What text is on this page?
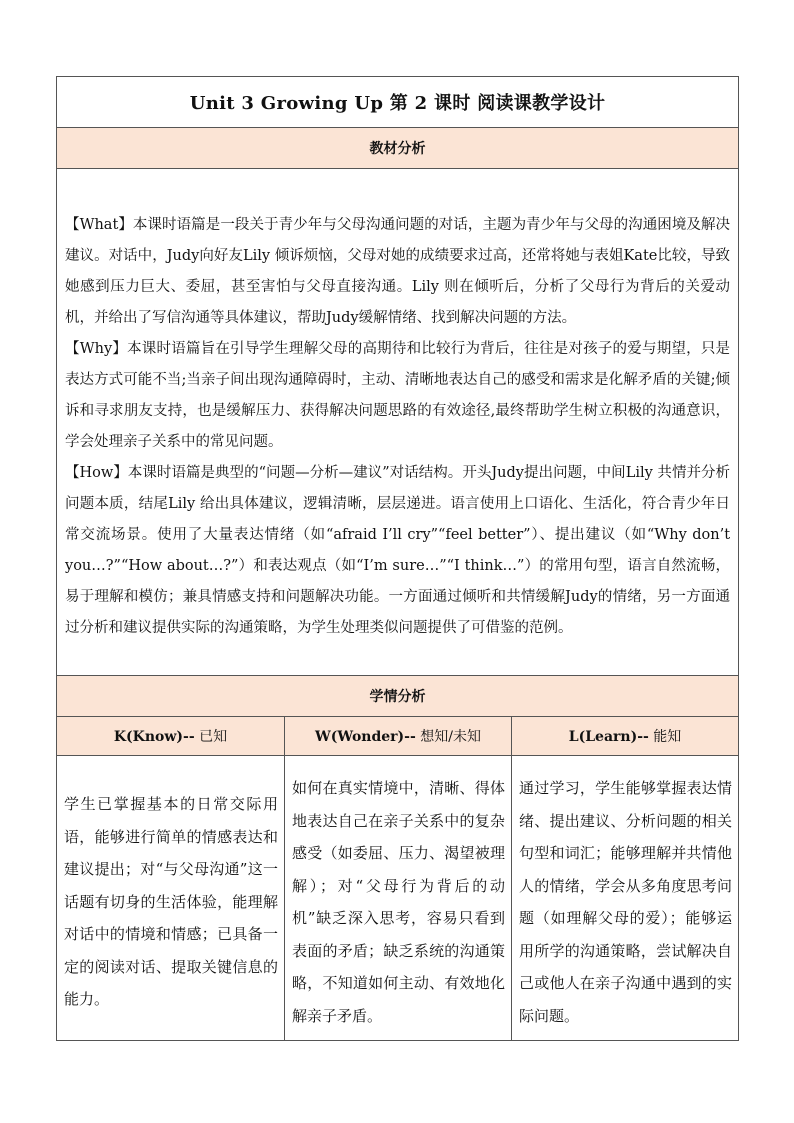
Unit 3 Growing Up 第 2 课时 阅读课教学设计		
教材分析		

【What】本课时语篇是一段关于青少年与父母沟通问题的对话，主题为青少年与父母的沟通困境及解决建议。对话中，Judy向好友Lily 倾诉烦恼，父母对她的成绩要求过高，还常将她与表姐Kate比较，导致她感到压力巨大、委屈，甚至害怕与父母直接沟通。Lily 则在倾听后，分析了父母行为背后的关爱动机，并给出了写信沟通等具体建议，帮助Judy缓解情绪、找到解决问题的方法。

【Why】本课时语篇旨在引导学生理解父母的高期待和比较行为背后，往往是对孩子的爱与期望，只是表达方式可能不当;当亲子间出现沟通障碍时，主动、清晰地表达自己的感受和需求是化解矛盾的关键;倾诉和寻求朋友支持，也是缓解压力、获得解决问题思路的有效途径,最终帮助学生树立积极的沟通意识，学会处理亲子关系中的常见问题。

【How】本课时语篇是典型的“问题—分析—建议”对话结构。开头Judy提出问题，中间Lily 共情并分析问题本质，结尾Lily 给出具体建议，逻辑清晰，层层递进。语言使用上口语化、生活化，符合青少年日常交流场景。使用了大量表达情绪（如“afraid I’ll cry”“feel better”）、提出建议（如“Why don’t you…?”“How about…?”）和表达观点（如“I’m sure…”“I think…”）的常用句型，语言自然流畅，易于理解和模仿；兼具情感支持和问题解决功能。一方面通过倾听和共情缓解Judy的情绪，另一方面通过分析和建议提供实际的沟通策略，为学生处理类似问题提供了可借鉴的范例。		

学情分析		
K(Know)-- 已知	W(Wonder)-- 想知/未知	L(Learn)-- 能知

学生已掌握基本的日常交际用语，能够进行简单的情感表达和建议提出；对“与父母沟通”这一话题有切身的生活体验，能理解对话中的情境和情感；已具备一定的阅读对话、提取关键信息的能力。	如何在真实情境中，清晰、得体地表达自己在亲子关系中的复杂感受（如委屈、压力、渴望被理解）；对“父母行为背后的动机”缺乏深入思考，容易只看到表面的矛盾；缺乏系统的沟通策略，不知道如何主动、有效地化解亲子矛盾。	通过学习，学生能够掌握表达情绪、提出建议、分析问题的相关句型和词汇；能够理解并共情他人的情绪，学会从多角度思考问题（如理解父母的爱）；能够运用所学的沟通策略，尝试解决自己或他人在亲子沟通中遇到的实际问题。
